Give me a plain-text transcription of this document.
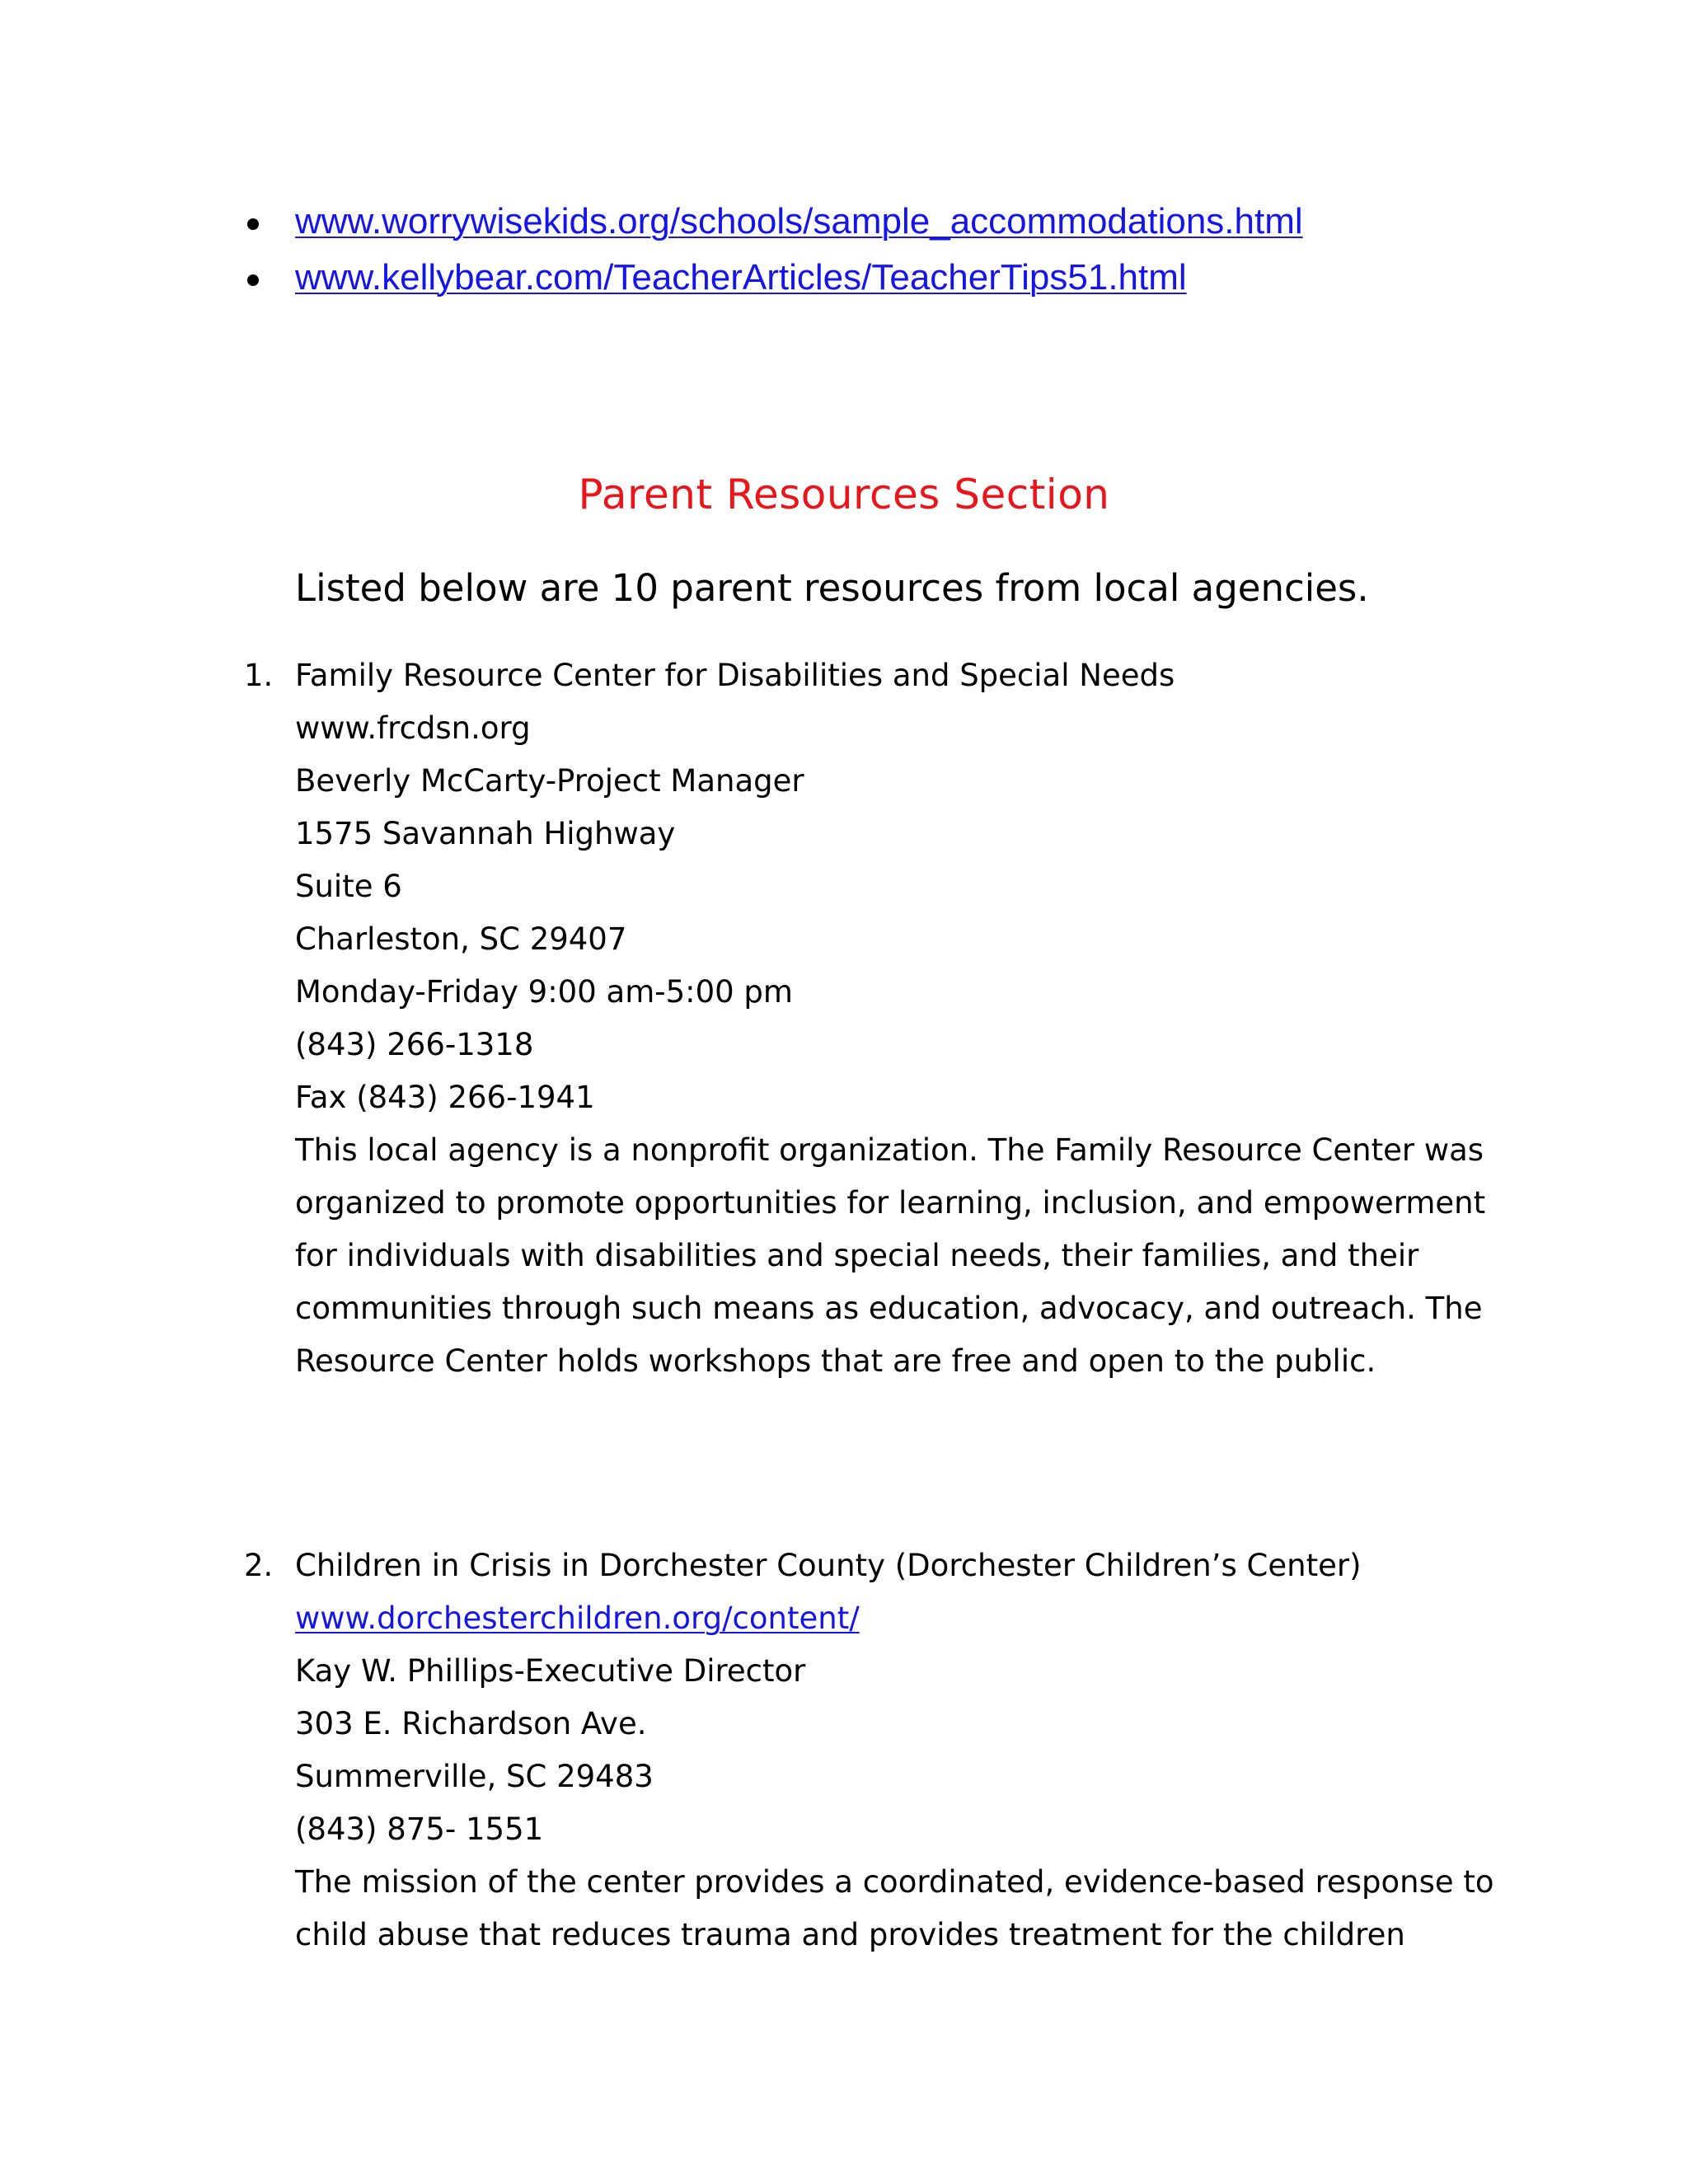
www.worrywisekids.org/schools/sample_accommodations.html
www.kellybear.com/TeacherArticles/TeacherTips51.html
Parent Resources Section
Listed below are 10 parent resources from local agencies.
1. Family Resource Center for Disabilities and Special Needs
www.frcdsn.org
Beverly McCarty-Project Manager
1575 Savannah Highway
Suite 6
Charleston, SC 29407
Monday-Friday 9:00 am-5:00 pm
(843) 266-1318
Fax (843) 266-1941
This local agency is a nonprofit organization. The Family Resource Center was organized to promote opportunities for learning, inclusion, and empowerment for individuals with disabilities and special needs, their families, and their communities through such means as education, advocacy, and outreach. The Resource Center holds workshops that are free and open to the public.
2. Children in Crisis in Dorchester County (Dorchester Children’s Center)
www.dorchesterchildren.org/content/
Kay W. Phillips-Executive Director
303 E. Richardson Ave.
Summerville, SC 29483
(843) 875- 1551
The mission of the center provides a coordinated, evidence-based response to child abuse that reduces trauma and provides treatment for the children
